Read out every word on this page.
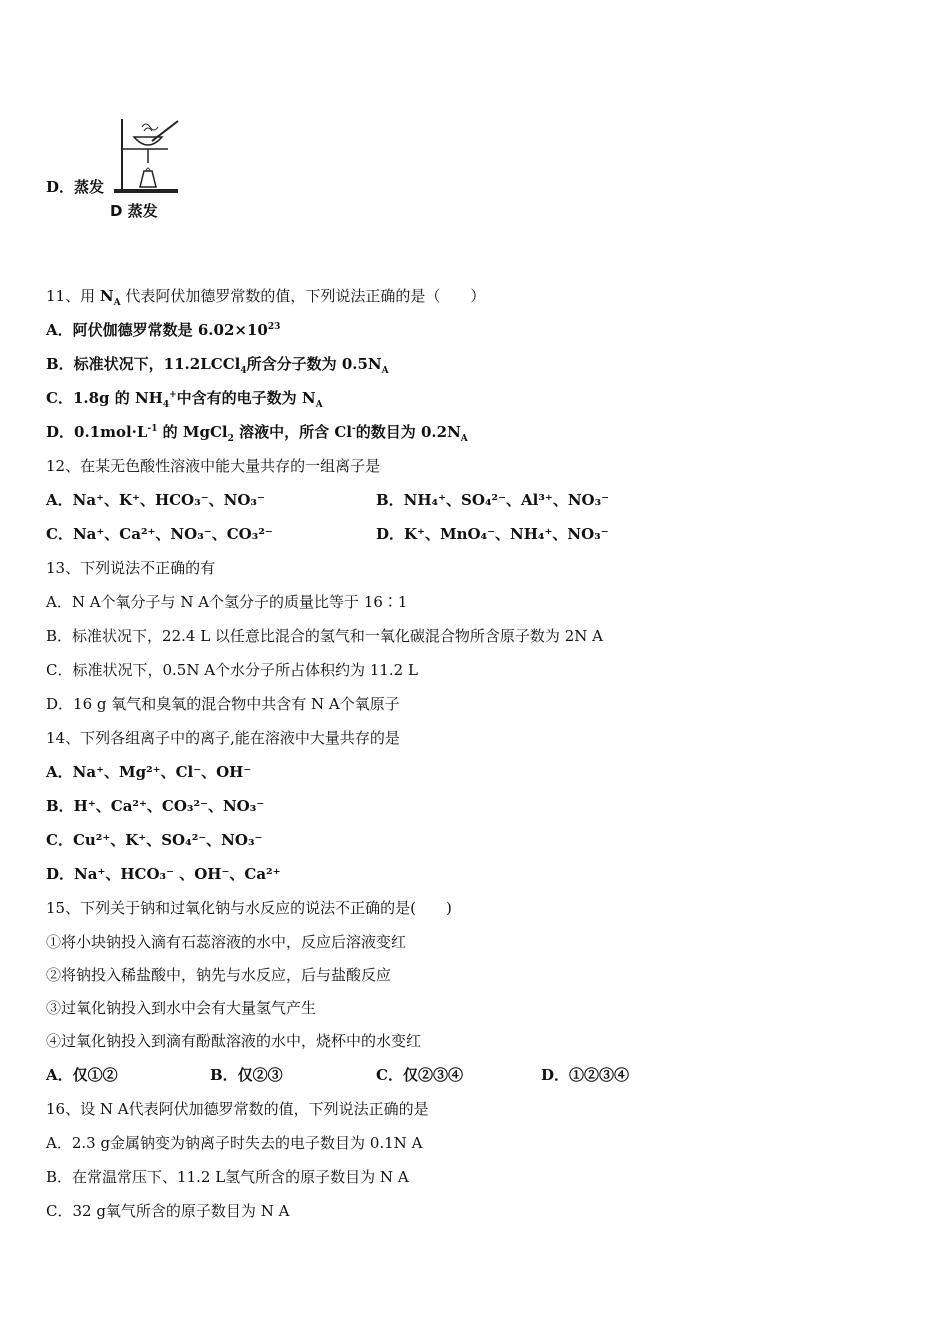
D．蒸发
D 蒸发
11、用 $N_A$ 代表阿伏加德罗常数的值，下列说法正确的是（　　）
A．阿伏伽德罗常数是 $6.02\times 10^{23}$
B．标准状况下，11.2LCCl$_4$所含分子数为 $0.5N_A$
C．1.8g 的 $NH_4^+$中含有的电子数为 $N_A$
D．$0.1mol\cdot L^{-1}$ 的 MgCl$_2$ 溶液中，所含 Cl-的数目为 $0.2N_A$
12、在某无色酸性溶液中能大量共存的一组离子是
A．Na⁺、K⁺、HCO₃⁻、NO₃⁻	B．NH₄⁺、SO₄²⁻、Al³⁺、NO₃⁻
C．Na⁺、Ca²⁺、NO₃⁻、CO₃²⁻	D．K⁺、MnO₄⁻、NH₄⁺、NO₃⁻
13、下列说法不正确的有
A．N A个氧分子与 N A个氢分子的质量比等于 16∶1
B．标准状况下，22.4 L 以任意比混合的氢气和一氧化碳混合物所含原子数为 2N A
C．标准状况下，0.5N A个水分子所占体积约为 11.2 L
D．16 g 氧气和臭氧的混合物中共含有 N A个氧原子
14、下列各组离子中的离子,能在溶液中大量共存的是
A．Na⁺、Mg²⁺、Cl⁻、OH⁻
B．H⁺、Ca²⁺、CO₃²⁻、NO₃⁻
C．Cu²⁺、K⁺、SO₄²⁻、NO₃⁻
D．Na⁺、HCO₃⁻ 、OH⁻、Ca²⁺
15、下列关于钠和过氧化钠与水反应的说法不正确的是(　　)
①将小块钠投入滴有石蕊溶液的水中，反应后溶液变红
②将钠投入稀盐酸中，钠先与水反应，后与盐酸反应
③过氧化钠投入到水中会有大量氢气产生
④过氧化钠投入到滴有酚酞溶液的水中，烧杯中的水变红
A．仅①②	B．仅②③	C．仅②③④	D．①②③④
16、设 N A代表阿伏加德罗常数的值，下列说法正确的是
A．2.3 g金属钠变为钠离子时失去的电子数目为 0.1N A
B．在常温常压下、11.2 L氢气所含的原子数目为 N A
C．32 g氧气所含的原子数目为 N A
